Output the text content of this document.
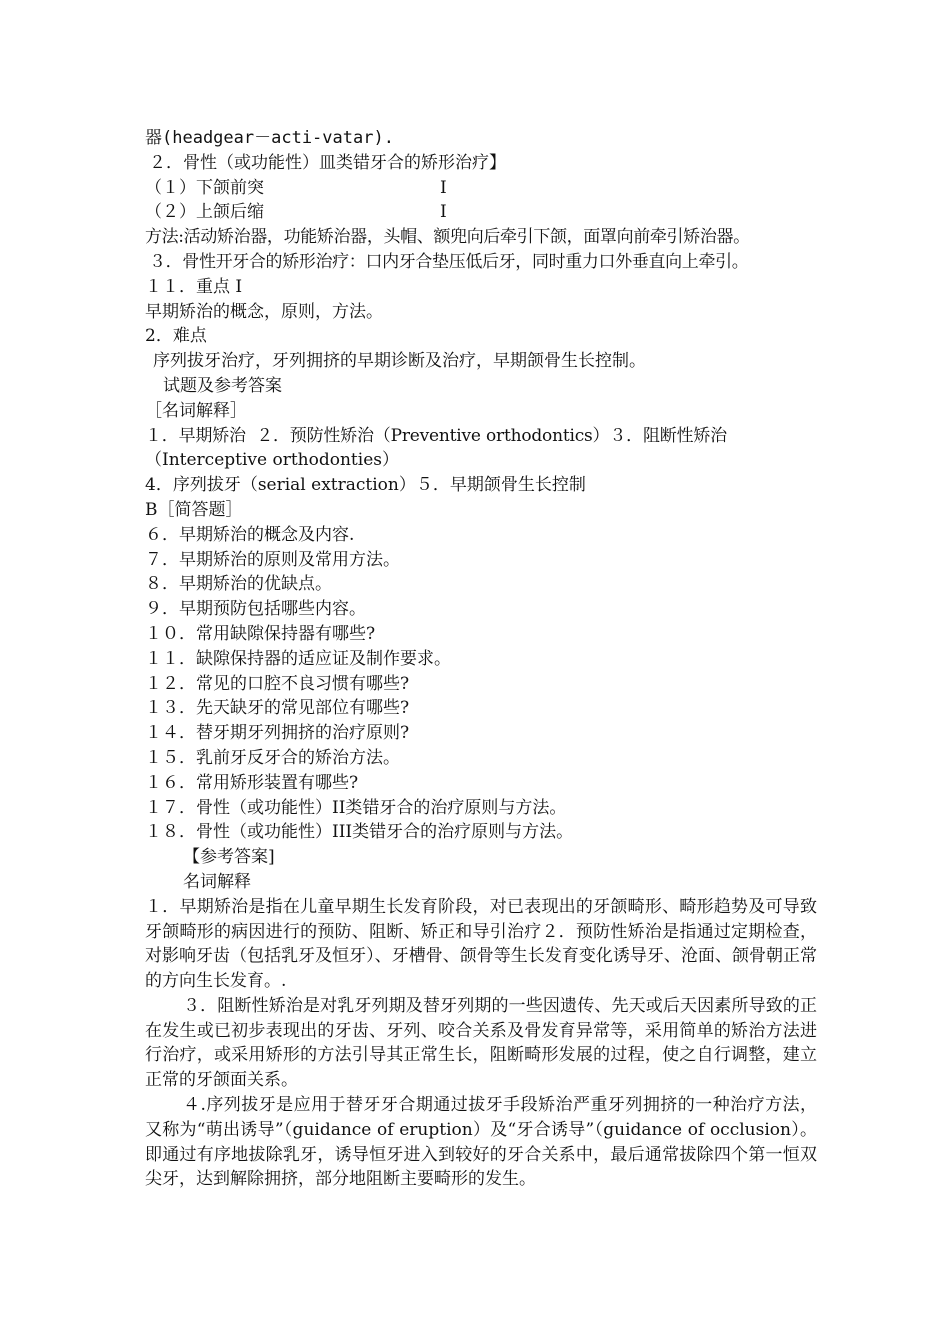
器(headgear－acti-vatar).
２．骨性（或功能性）皿类错牙合的矫形治疗】
（１）下颌前突	I
（２）上颌后缩	I
方法:活动矫治器，功能矫治器，头帽、额兜向后牵引下颌，面罩向前牵引矫治器。
３．骨性开牙合的矫形治疗：口内牙合垫压低后牙，同时重力口外垂直向上牵引。
１１．重点 I
早期矫治的概念，原则，方法。
2．难点
序列拔牙治疗，牙列拥挤的早期诊断及治疗，早期颌骨生长控制。
试题及参考答案
［名词解释］
１．早期矫治  ２．预防性矫治（Preventive orthodontics）３．阻断性矫治
（Interceptive orthodonties）
4．序列拔牙（serial extraction）５．早期颌骨生长控制
B［简答题］
６．早期矫治的概念及内容.
７．早期矫治的原则及常用方法。
８．早期矫治的优缺点。
９．早期预防包括哪些内容。
１０．常用缺隙保持器有哪些?
１１．缺隙保持器的适应证及制作要求。
１２．常见的口腔不良习惯有哪些?
１３．先天缺牙的常见部位有哪些?
１４．替牙期牙列拥挤的治疗原则?
１５．乳前牙反牙合的矫治方法。
１６．常用矫形装置有哪些?
１７．骨性（或功能性）II类错牙合的治疗原则与方法。
１８．骨性（或功能性）III类错牙合的治疗原则与方法。
【参考答案]
名词解释

１．早期矫治是指在儿童早期生长发育阶段，对已表现出的牙颌畸形、畸形趋势及可导致牙颌畸形的病因进行的预防、阻断、矫正和导引治疗２．预防性矫治是指通过定期检查，对影响牙齿（包括乳牙及恒牙）、牙槽骨、颌骨等生长发育变化诱导牙、沧面、颌骨朝正常的方向生长发育。.

３．阻断性矫治是对乳牙列期及替牙列期的一些因遗传、先天或后天因素所导致的正在发生或已初步表现出的牙齿、牙列、咬合关系及骨发育异常等，采用简单的矫治方法进行治疗，或采用矫形的方法引导其正常生长，阻断畸形发展的过程，使之自行调整，建立正常的牙颌面关系。

４.序列拔牙是应用于替牙牙合期通过拔牙手段矫治严重牙列拥挤的一种治疗方法，又称为“萌出诱导”（guidance of eruption）及“牙合诱导”（guidance of occlusion）。即通过有序地拔除乳牙，诱导恒牙进入到较好的牙合关系中，最后通常拔除四个第一恒双尖牙，达到解除拥挤，部分地阻断主要畸形的发生。
